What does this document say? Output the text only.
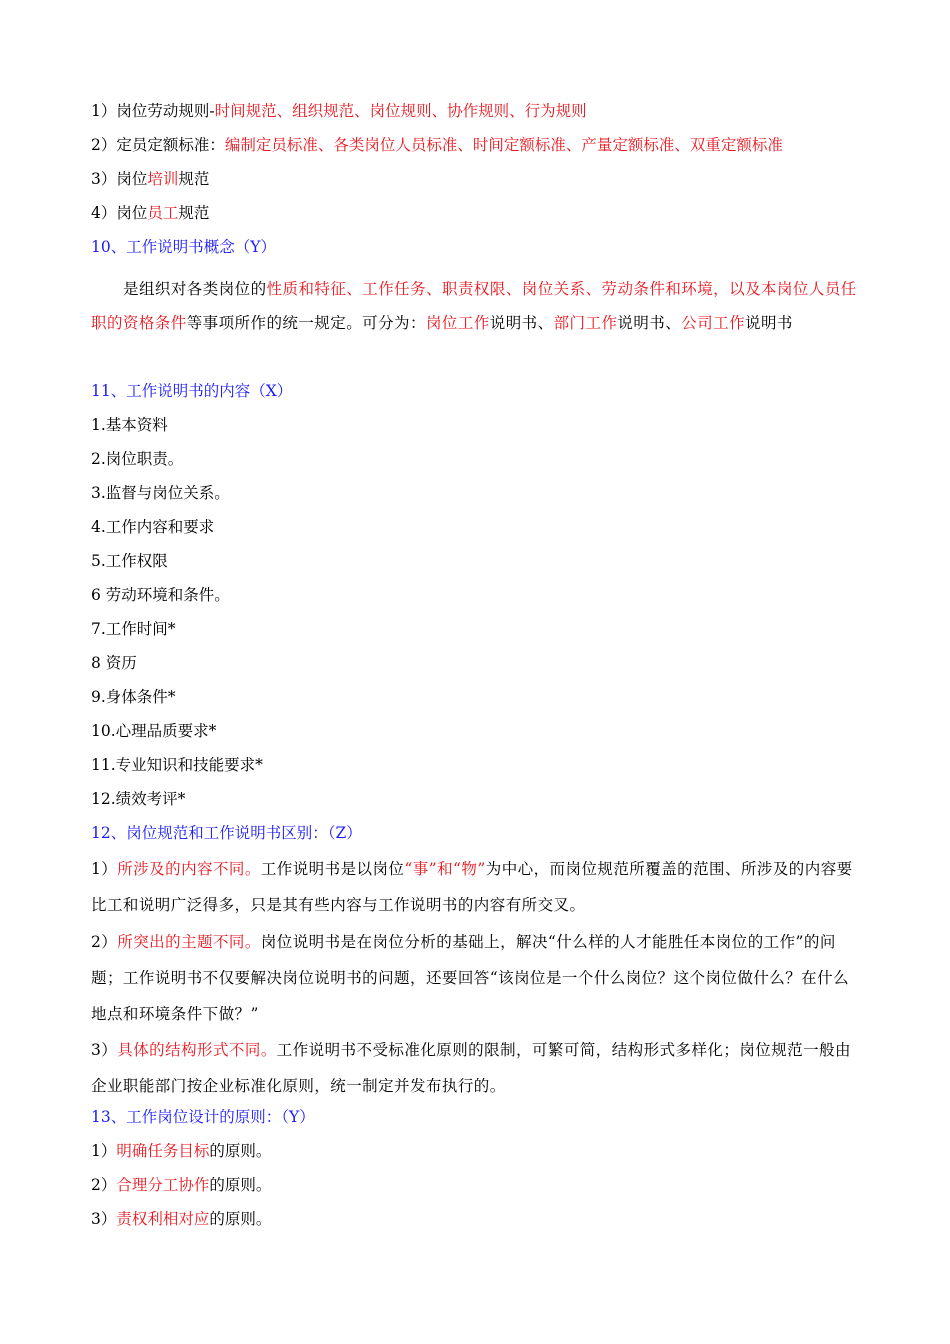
1）岗位劳动规则-时间规范、组织规范、岗位规则、协作规则、行为规则
2）定员定额标准：编制定员标准、各类岗位人员标准、时间定额标准、产量定额标准、双重定额标准
3）岗位培训规范
4）岗位员工规范
10、工作说明书概念（Y）
是组织对各类岗位的性质和特征、工作任务、职责权限、岗位关系、劳动条件和环境，以及本岗位人员任职的资格条件等事项所作的统一规定。可分为：岗位工作说明书、部门工作说明书、公司工作说明书
11、工作说明书的内容（X）
1.基本资料
2.岗位职责。
3.监督与岗位关系。
4.工作内容和要求
5.工作权限
6 劳动环境和条件。
7.工作时间*
8 资历
9.身体条件*
10.心理品质要求*
11.专业知识和技能要求*
12.绩效考评*
12、岗位规范和工作说明书区别：（Z）
1）所涉及的内容不同。工作说明书是以岗位“事”和“物”为中心，而岗位规范所覆盖的范围、所涉及的内容要比工和说明广泛得多，只是其有些内容与工作说明书的内容有所交叉。
2）所突出的主题不同。岗位说明书是在岗位分析的基础上，解决“什么样的人才能胜任本岗位的工作”的问题；工作说明书不仅要解决岗位说明书的问题，还要回答“该岗位是一个什么岗位？这个岗位做什么？在什么地点和环境条件下做？”
3）具体的结构形式不同。工作说明书不受标准化原则的限制，可繁可简，结构形式多样化；岗位规范一般由企业职能部门按企业标准化原则，统一制定并发布执行的。
13、工作岗位设计的原则：（Y）
1）明确任务目标的原则。
2）合理分工协作的原则。
3）责权利相对应的原则。
